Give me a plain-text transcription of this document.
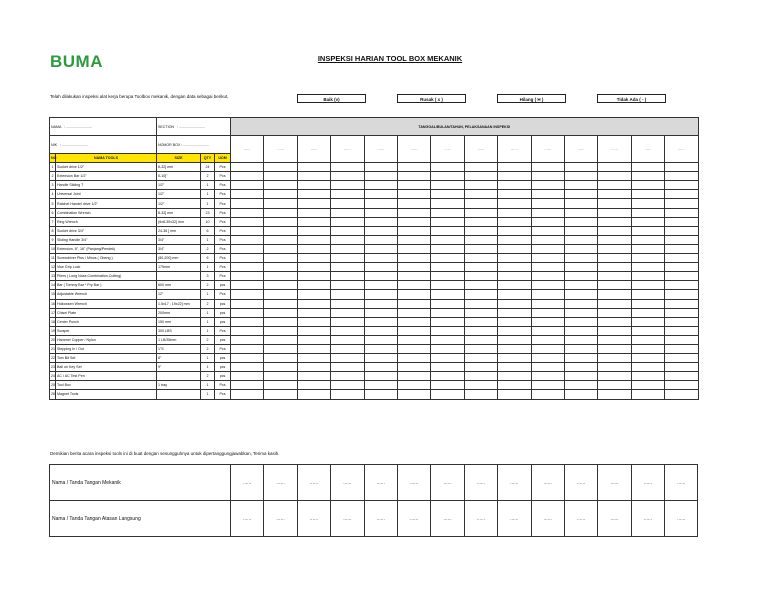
BUMA	INSPEKSI HARIAN TOOL BOX MEKANIK
Telah dilakukan inspeksi alat kerja berupa Toolbox mekanik, dengan data sebagai berikut,
Baik (v)	Rusak ( x )	Hilang ( H )	Tidak Ada ( - )
NAMA : ..........................		SECTION : ..........................			TANGGAL/BULAN/TAHUN, PELAKSANAAN INSPEKSI													
NIK : ..........................		NOMOR BOX : ..........................			......	......	......	......	......	......	......	......	......	......	......	......	......	......
NO	NAMA TOOLS	SIZE	QTY	UOM														
1	Socket drive 1/2"	8-32] mm	24	Pcs														
2	Extension Bar 1/2"	5-10]"	2	Pcs														
3	Handle Sliding T	1/2"	1	Pcs														
4	Universal Joint	1/2"	1	Pcs														
5	Ratchet Handel drive 1/2"	1/2"	1	Pcs														
6	Combination Wrench	8-32] mm	23	Pcs														
7	Ring Wrench	(6x8-30x32) mm	10	Pcs														
8	Socket drive 3/4"	24-36 ] mm	6	Pcs														
9	Sliding Handle 3/4"	3/4"	1	Pcs														
10	Extension, 8", 16" (Panjang/Pendek)	3/4"	2	Pcs														
11	Screwdriver Plus / Minus ( Obeng )	(80-200] mm	6	Pcs														
12	Vise Grip Lock	175mm	1	Pcs														
13	Pliers ( Long Nose,Combination,Cutting)		3	Pcs														
14	Bar ( Tommy Bar * Pry Bar )	600 mm	2	pcs														
15	Adjustable Wrench	12"	1	Pcs														
16	Hollowsen Wrench	1.5x17 ; 19x22] mm	2	pcs														
17	Chisel Plate	200mm	1	pcs														
18	Center Punch	150 mm	1	pcs														
19	Scraper	300 LBS	1	Pcs														
20	Hammer Copper / Nylon	1 LB/35mm	2	pcs														
21	Stepping In / Out	1"S	2	Pcs														
22	Torx Bit Set	8"	1	pcs														
23	Ball on Key Set	9"	1	pcs														
24	AC / AC Test Pen		2	pcs														
25	Tool Box	1 tray	1	Pcs														
26	Magnet Tools		1	Pcs														
Demikian berita acara inspeksi tools ini di buat dengan sesungguhnya untuk dipertanggungjawabkan, Terima kasih.
Nama / Tanda Tangan Mekanik	......	......	......	......	......	......	......	......	......	......	......	......	......	......
Nama / Tanda Tangan Atasan Langsung	......	......	......	......	......	......	......	......	......	......	......	......	......	......
